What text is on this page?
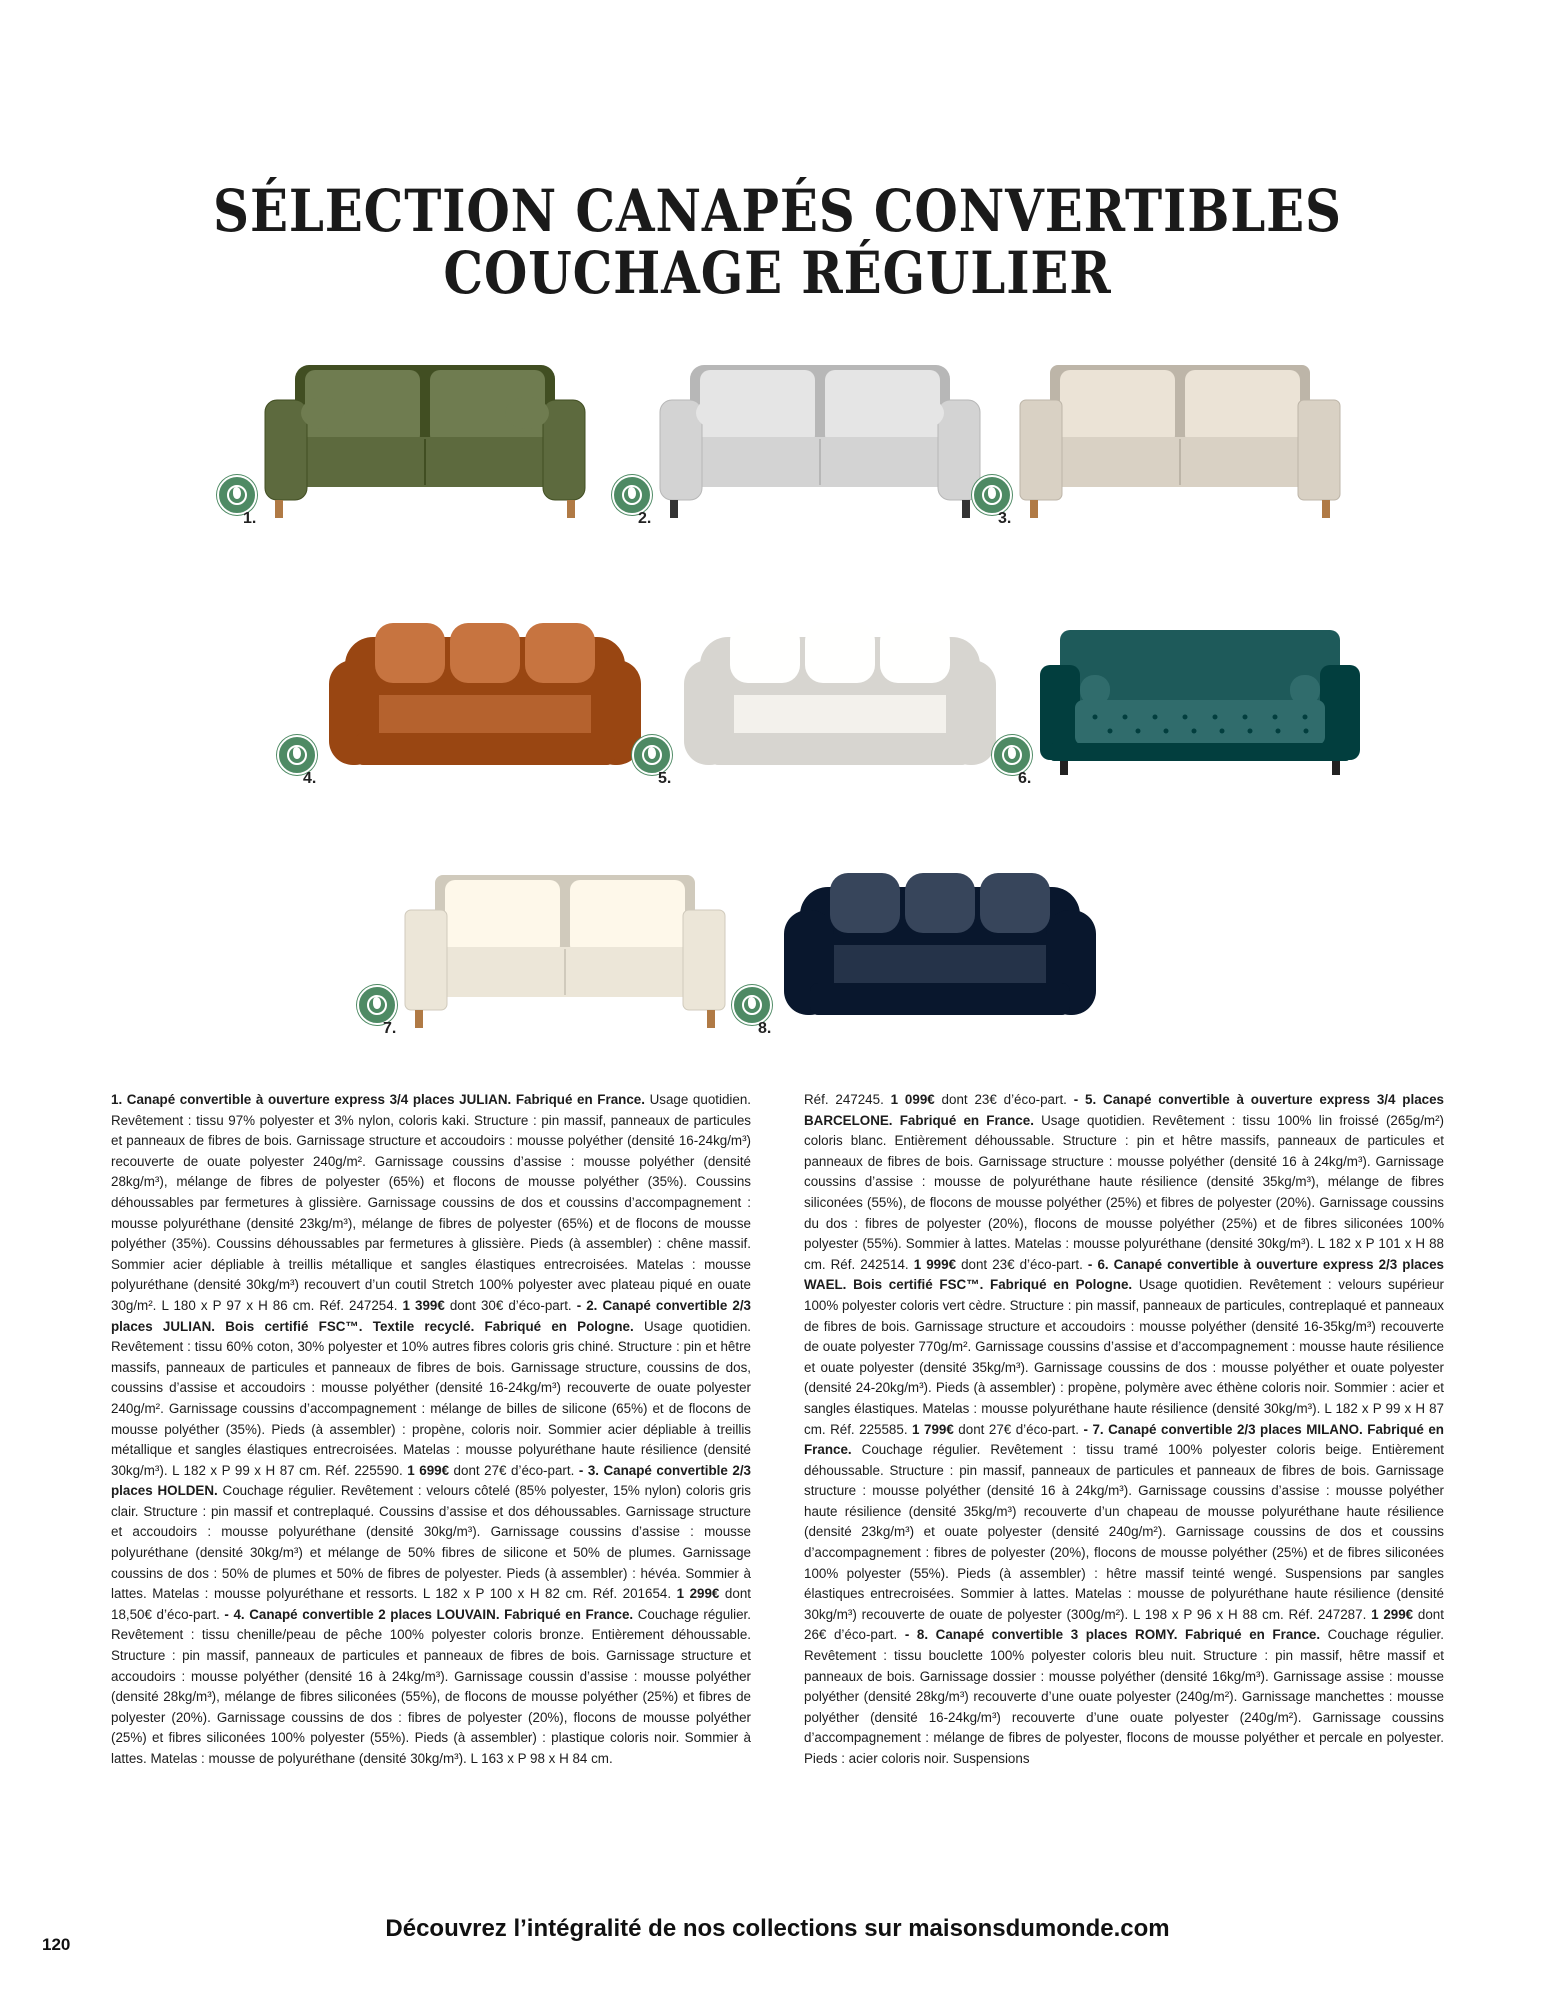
SÉLECTION CANAPÉS CONVERTIBLES
COUCHAGE RÉGULIER
1.	2.	3.
4.	5.	6.
7.	8.
1. Canapé convertible à ouverture express 3/4 places JULIAN. Fabriqué en France. Usage quotidien. Revêtement : tissu 97% polyester et 3% nylon, coloris kaki. Structure : pin massif, panneaux de particules et panneaux de fibres de bois. Garnissage structure et accoudoirs : mousse polyéther (densité 16-24kg/m³) recouverte de ouate polyester 240g/m². Garnissage coussins d’assise : mousse polyéther (densité 28kg/m³), mélange de fibres de polyester (65%) et flocons de mousse polyéther (35%). Coussins déhoussables par fermetures à glissière. Garnissage coussins de dos et coussins d’accompagnement : mousse polyuréthane (densité 23kg/m³), mélange de fibres de polyester (65%) et de flocons de mousse polyéther (35%). Coussins déhoussables par fermetures à glissière. Pieds (à assembler) : chêne massif. Sommier acier dépliable à treillis métallique et sangles élastiques entrecroisées. Matelas : mousse polyuréthane (densité 30kg/m³) recouvert d’un coutil Stretch 100% polyester avec plateau piqué en ouate 30g/m². L 180 x P 97 x H 86 cm. Réf. 247254. 1 399€ dont 30€ d’éco-part. - 2. Canapé convertible 2/3 places JULIAN. Bois certifié FSC™. Textile recyclé. Fabriqué en Pologne. Usage quotidien. Revêtement : tissu 60% coton, 30% polyester et 10% autres fibres coloris gris chiné. Structure : pin et hêtre massifs, panneaux de particules et panneaux de fibres de bois. Garnissage structure, coussins de dos, coussins d’assise et accoudoirs : mousse polyéther (densité 16-24kg/m³) recouverte de ouate polyester 240g/m². Garnissage coussins d’accompagnement : mélange de billes de silicone (65%) et de flocons de mousse polyéther (35%). Pieds (à assembler) : propène, coloris noir. Sommier acier dépliable à treillis métallique et sangles élastiques entrecroisées. Matelas : mousse polyuréthane haute résilience (densité 30kg/m³). L 182 x P 99 x H 87 cm. Réf. 225590. 1 699€ dont 27€ d’éco-part. - 3. Canapé convertible 2/3 places HOLDEN. Couchage régulier. Revêtement : velours côtelé (85% polyester, 15% nylon) coloris gris clair. Structure : pin massif et contreplaqué. Coussins d’assise et dos déhoussables. Garnissage structure et accoudoirs : mousse polyuréthane (densité 30kg/m³). Garnissage coussins d’assise : mousse polyuréthane (densité 30kg/m³) et mélange de 50% fibres de silicone et 50% de plumes. Garnissage coussins de dos : 50% de plumes et 50% de fibres de polyester. Pieds (à assembler) : hévéa. Sommier à lattes. Matelas : mousse polyuréthane et ressorts. L 182 x P 100 x H 82 cm. Réf. 201654. 1 299€ dont 18,50€ d’éco-part. - 4. Canapé convertible 2 places LOUVAIN. Fabriqué en France. Couchage régulier. Revêtement : tissu chenille/peau de pêche 100% polyester coloris bronze. Entièrement déhoussable. Structure : pin massif, panneaux de particules et panneaux de fibres de bois. Garnissage structure et accoudoirs : mousse polyéther (densité 16 à 24kg/m³). Garnissage coussin d’assise : mousse polyéther (densité 28kg/m³), mélange de fibres siliconées (55%), de flocons de mousse polyéther (25%) et fibres de polyester (20%). Garnissage coussins de dos : fibres de polyester (20%), flocons de mousse polyéther (25%) et fibres siliconées 100% polyester (55%). Pieds (à assembler) : plastique coloris noir. Sommier à lattes. Matelas : mousse de polyuréthane (densité 30kg/m³). L 163 x P 98 x H 84 cm.
Réf. 247245. 1 099€ dont 23€ d’éco-part. - 5. Canapé convertible à ouverture express 3/4 places BARCELONE. Fabriqué en France. Usage quotidien. Revêtement : tissu 100% lin froissé (265g/m²) coloris blanc. Entièrement déhoussable. Structure : pin et hêtre massifs, panneaux de particules et panneaux de fibres de bois. Garnissage structure : mousse polyéther (densité 16 à 24kg/m³). Garnissage coussins d’assise : mousse de polyuréthane haute résilience (densité 35kg/m³), mélange de fibres siliconées (55%), de flocons de mousse polyéther (25%) et fibres de polyester (20%). Garnissage coussins du dos : fibres de polyester (20%), flocons de mousse polyéther (25%) et de fibres siliconées 100% polyester (55%). Sommier à lattes. Matelas : mousse polyuréthane (densité 30kg/m³). L 182 x P 101 x H 88 cm. Réf. 242514. 1 999€ dont 23€ d’éco-part. - 6. Canapé convertible à ouverture express 2/3 places WAEL. Bois certifié FSC™. Fabriqué en Pologne. Usage quotidien. Revêtement : velours supérieur 100% polyester coloris vert cèdre. Structure : pin massif, panneaux de particules, contreplaqué et panneaux de fibres de bois. Garnissage structure et accoudoirs : mousse polyéther (densité 16-35kg/m³) recouverte de ouate polyester 770g/m². Garnissage coussins d’assise et d’accompagnement : mousse haute résilience et ouate polyester (densité 35kg/m³). Garnissage coussins de dos : mousse polyéther et ouate polyester (densité 24-20kg/m³). Pieds (à assembler) : propène, polymère avec éthène coloris noir. Sommier : acier et sangles élastiques. Matelas : mousse polyuréthane haute résilience (densité 30kg/m³). L 182 x P 99 x H 87 cm. Réf. 225585. 1 799€ dont 27€ d’éco-part. - 7. Canapé convertible 2/3 places MILANO. Fabriqué en France. Couchage régulier. Revêtement : tissu tramé 100% polyester coloris beige. Entièrement déhoussable. Structure : pin massif, panneaux de particules et panneaux de fibres de bois. Garnissage structure : mousse polyéther (densité 16 à 24kg/m³). Garnissage coussins d’assise : mousse polyéther haute résilience (densité 35kg/m³) recouverte d’un chapeau de mousse polyuréthane haute résilience (densité 23kg/m³) et ouate polyester (densité 240g/m²). Garnissage coussins de dos et coussins d’accompagnement : fibres de polyester (20%), flocons de mousse polyéther (25%) et de fibres siliconées 100% polyester (55%). Pieds (à assembler) : hêtre massif teinté wengé. Suspensions par sangles élastiques entrecroisées. Sommier à lattes. Matelas : mousse de polyuréthane haute résilience (densité 30kg/m³) recouverte de ouate de polyester (300g/m²). L 198 x P 96 x H 88 cm. Réf. 247287. 1 299€ dont 26€ d’éco-part. - 8. Canapé convertible 3 places ROMY. Fabriqué en France. Couchage régulier. Revêtement : tissu bouclette 100% polyester coloris bleu nuit. Structure : pin massif, hêtre massif et panneaux de bois. Garnissage dossier : mousse polyéther (densité 16kg/m³). Garnissage assise : mousse polyéther (densité 28kg/m³) recouverte d’une ouate polyester (240g/m²). Garnissage manchettes : mousse polyéther (densité 16-24kg/m³) recouverte d’une ouate polyester (240g/m²). Garnissage coussins d’accompagnement : mélange de fibres de polyester, flocons de mousse polyéther et percale en polyester. Pieds : acier coloris noir. Suspensions
Découvrez l’intégralité de nos collections sur maisonsdumonde.com
120
